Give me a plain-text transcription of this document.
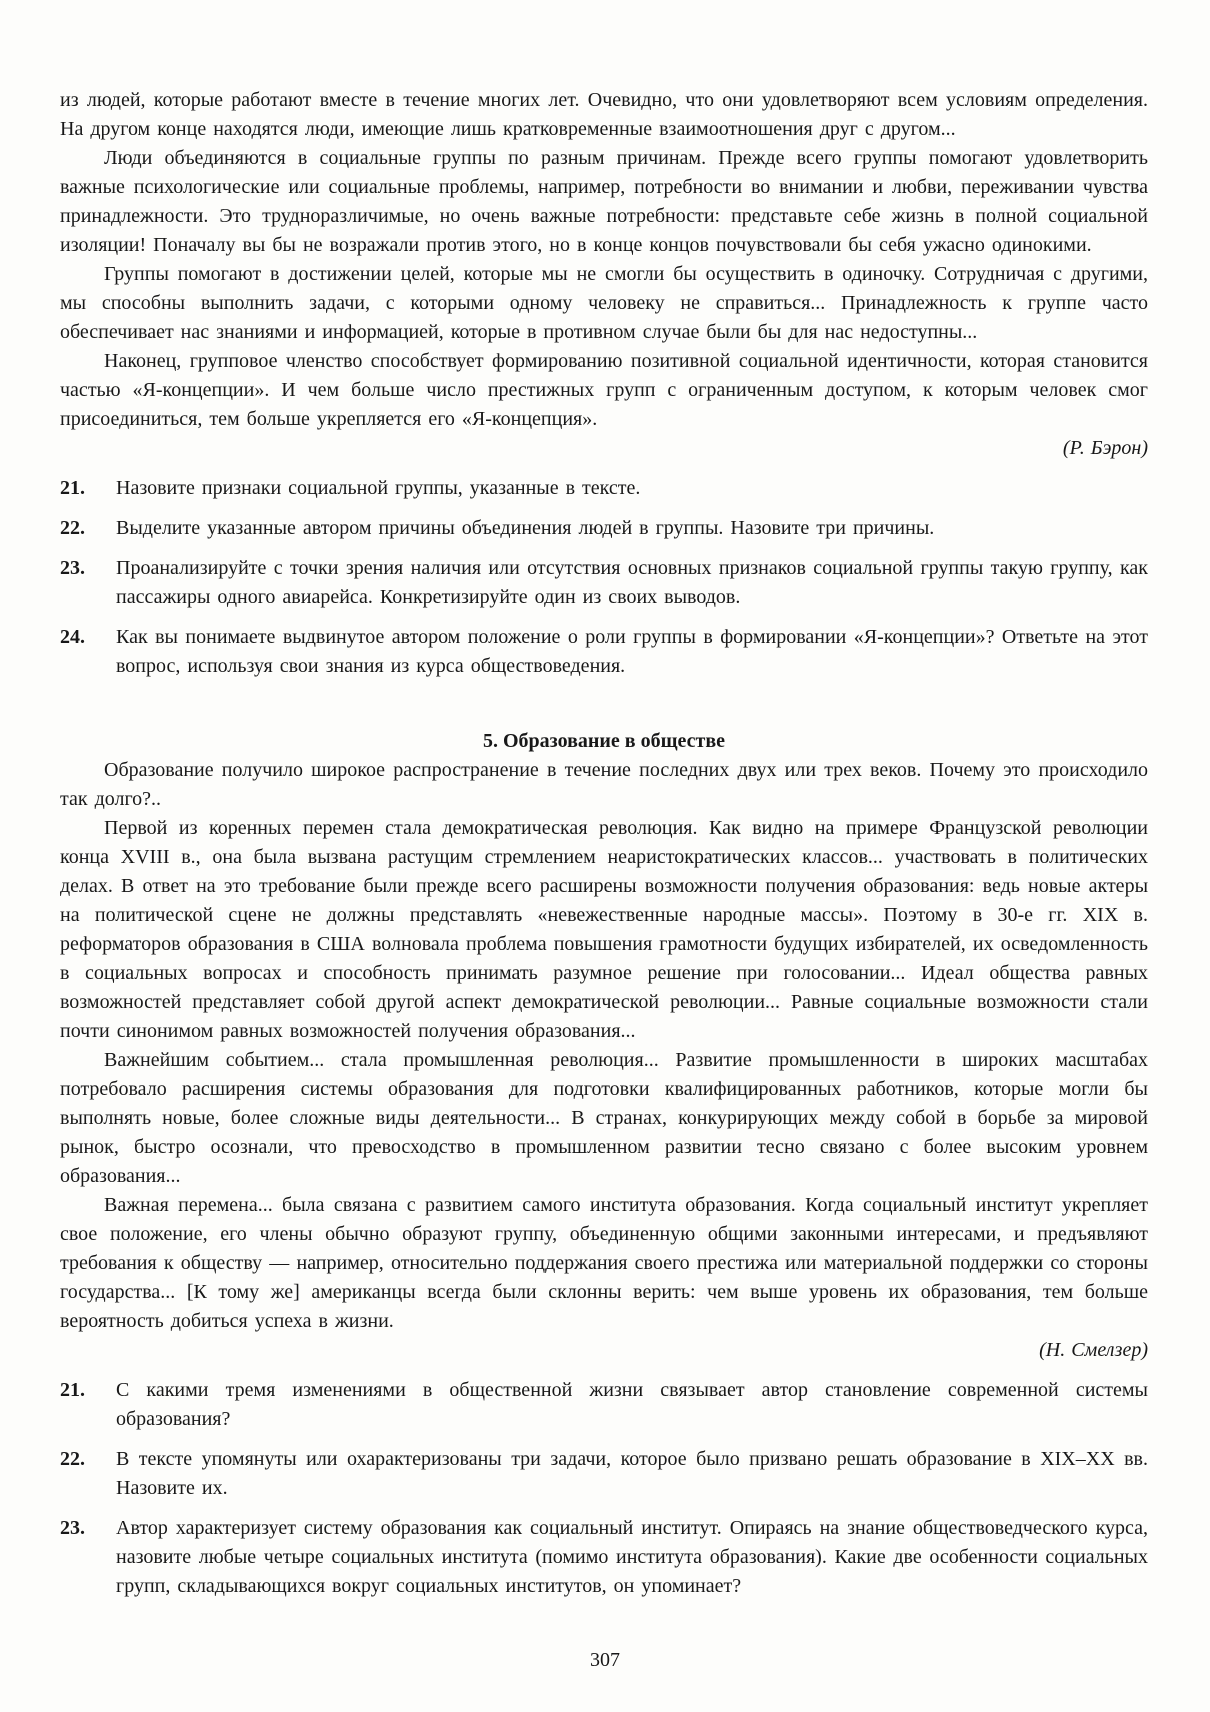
из людей, которые работают вместе в течение многих лет. Очевидно, что они удовлетворяют всем условиям определения. На другом конце находятся люди, имеющие лишь кратковременные взаимоотношения друг с другом...

Люди объединяются в социальные группы по разным причинам. Прежде всего группы помогают удовлетворить важные психологические или социальные проблемы, например, потребности во внимании и любви, переживании чувства принадлежности. Это трудноразличимые, но очень важные потребности: представьте себе жизнь в полной социальной изоляции! Поначалу вы бы не возражали против этого, но в конце концов почувствовали бы себя ужасно одинокими.

Группы помогают в достижении целей, которые мы не смогли бы осуществить в одиночку. Сотрудничая с другими, мы способны выполнить задачи, с которыми одному человеку не справиться... Принадлежность к группе часто обеспечивает нас знаниями и информацией, которые в противном случае были бы для нас недоступны...

Наконец, групповое членство способствует формированию позитивной социальной идентичности, которая становится частью «Я-концепции». И чем больше число престижных групп с ограниченным доступом, к которым человек смог присоединиться, тем больше укрепляется его «Я-концепция».

(Р. Бэрон)

21.	Назовите признаки социальной группы, указанные в тексте.
22.	Выделите указанные автором причины объединения людей в группы. Назовите три причины.
23.	Проанализируйте с точки зрения наличия или отсутствия основных признаков социальной группы такую группу, как пассажиры одного авиарейса. Конкретизируйте один из своих выводов.
24.	Как вы понимаете выдвинутое автором положение о роли группы в формировании «Я-концепции»? Ответьте на этот вопрос, используя свои знания из курса обществоведения.
5. Образование в обществе

Образование получило широкое распространение в течение последних двух или трех веков. Почему это происходило так долго?..

Первой из коренных перемен стала демократическая революция. Как видно на примере Французской революции конца XVIII в., она была вызвана растущим стремлением неаристократических классов... участвовать в политических делах. В ответ на это требование были прежде всего расширены возможности получения образования: ведь новые актеры на политической сцене не должны представлять «невежественные народные массы». Поэтому в 30-е гг. XIX в. реформаторов образования в США волновала проблема повышения грамотности будущих избирателей, их осведомленность в социальных вопросах и способность принимать разумное решение при голосовании... Идеал общества равных возможностей представляет собой другой аспект демократической революции... Равные социальные возможности стали почти синонимом равных возможностей получения образования...

Важнейшим событием... стала промышленная революция... Развитие промышленности в широких масштабах потребовало расширения системы образования для подготовки квалифицированных работников, которые могли бы выполнять новые, более сложные виды деятельности... В странах, конкурирующих между собой в борьбе за мировой рынок, быстро осознали, что превосходство в промышленном развитии тесно связано с более высоким уровнем образования...

Важная перемена... была связана с развитием самого института образования. Когда социальный институт укрепляет свое положение, его члены обычно образуют группу, объединенную общими законными интересами, и предъявляют требования к обществу — например, относительно поддержания своего престижа или материальной поддержки со стороны государства... [К тому же] американцы всегда были склонны верить: чем выше уровень их образования, тем больше вероятность добиться успеха в жизни.

(Н. Смелзер)

21.	С какими тремя изменениями в общественной жизни связывает автор становление современной системы образования?
22.	В тексте упомянуты или охарактеризованы три задачи, которое было призвано решать образование в XIX–XX вв. Назовите их.
23.	Автор характеризует систему образования как социальный институт. Опираясь на знание обществоведческого курса, назовите любые четыре социальных института (помимо института образования). Какие две особенности социальных групп, складывающихся вокруг социальных институтов, он упоминает?
307
